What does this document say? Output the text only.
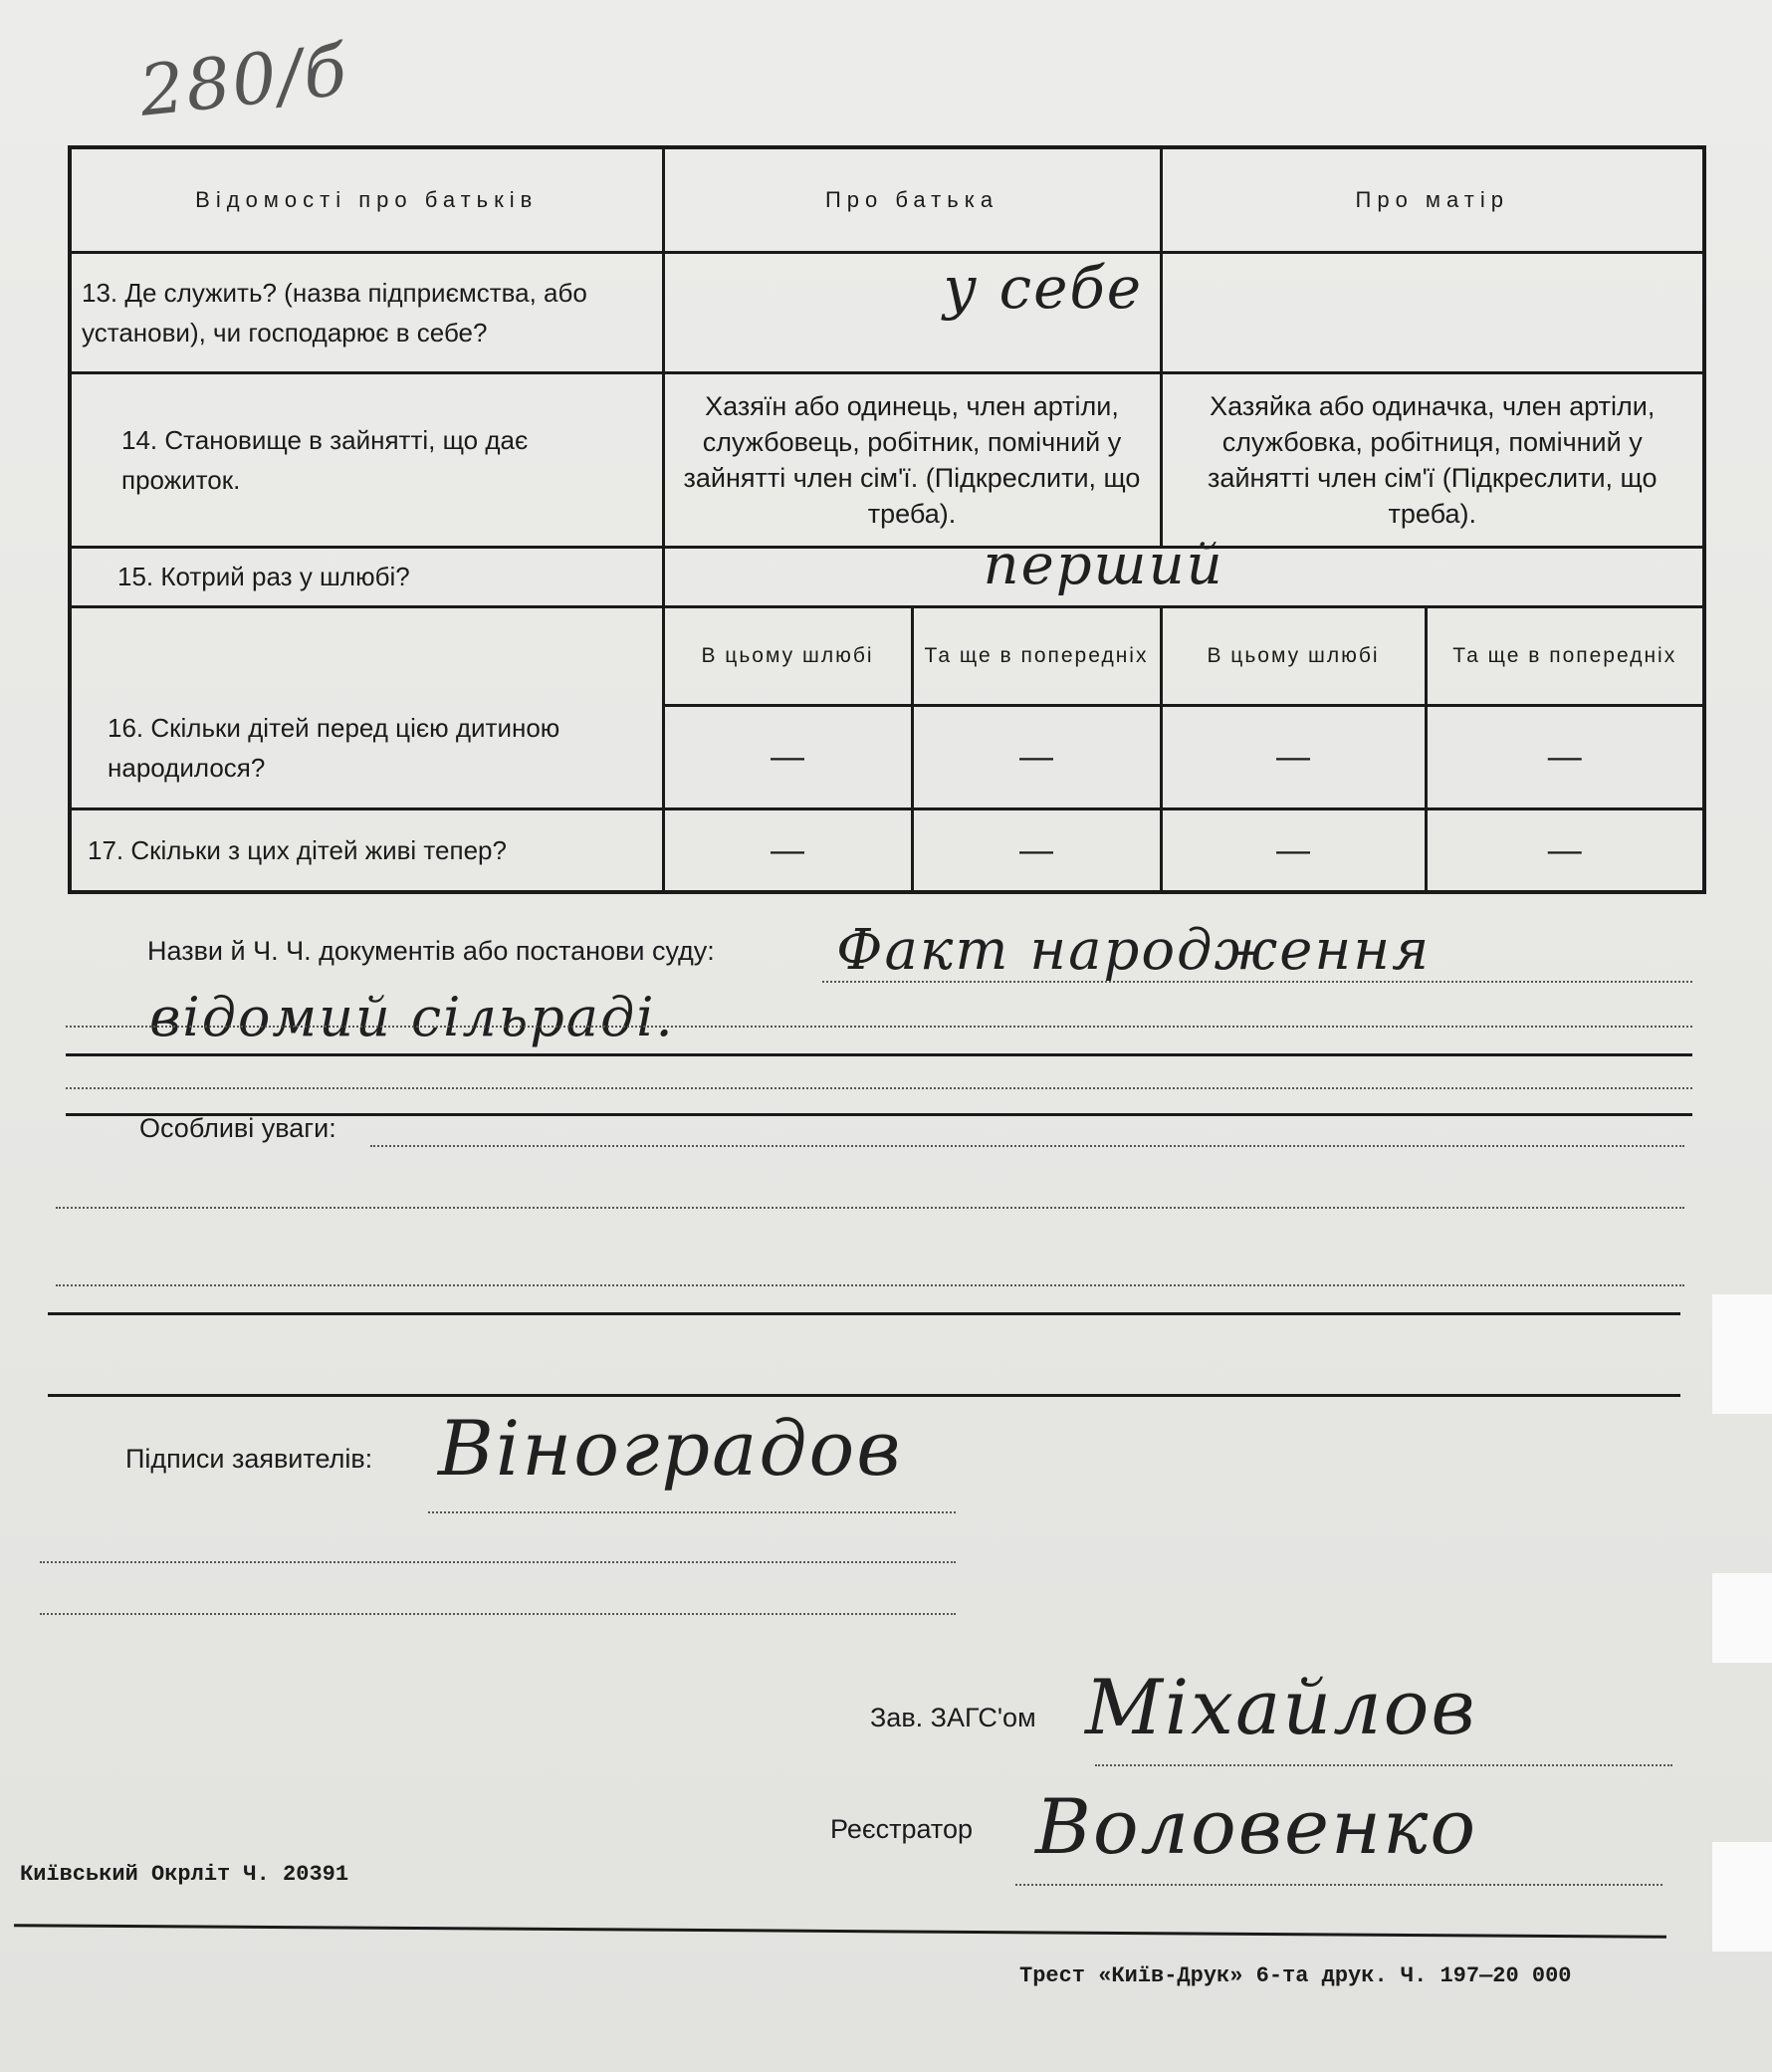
280/б
Відомості про батьків	Про батька		Про матір	
13. Де служить? (назва підприємства, або установи), чи господарює в себе?	у себе			

14. Становище в зайнятті, що дає прожиток.	Хазяїн або одинець, член артіли, службовець, робітник, помічний у зайнятті член сім'ї. (Підкреслити, що треба).		Хазяйка або одиначка, член артіли, службовка, робітниця, помічний у зайнятті член сім'ї (Підкреслити, що треба).	
15. Котрий раз у шлюбі?	перший			

16. Скільки дітей перед цією дитиною народилося?	В цьому шлюбі	Та ще в попередніх	В цьому шлюбі	Та ще в попередніх
	—	—	—	—
17. Скільки з цих дітей живі тепер?	—	—	—	—
Назви й Ч. Ч. документів або постанови суду: Факт народження
відомий сільраді.
Особливі уваги:
Підписи заявителів: Віноградов
Зав. ЗАГС'ом Міхайлов
Реєстратор Воловенко
Київський Окрліт Ч. 20391
Трест «Київ-Друк» 6-та друк. Ч. 197—20 000
